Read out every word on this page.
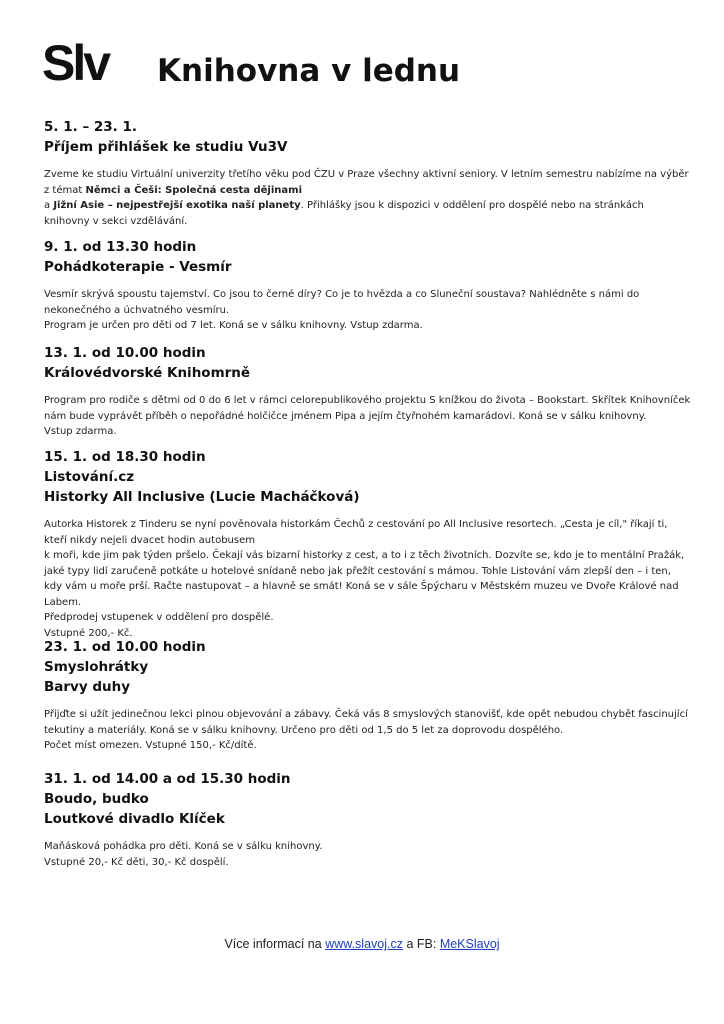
Slv Knihovna v lednu
5. 1. – 23. 1.
Příjem přihlášek ke studiu Vu3V
Zveme ke studiu Virtuální univerzity třetího věku pod ČZU v Praze všechny aktivní seniory. V letním semestru nabízíme na výběr z témat Němci a Češi: Společná cesta dějinami
a Jižní Asie – nejpestřejší exotika naší planety. Přihlášky jsou k dispozici v oddělení pro dospělé nebo na stránkách knihovny v sekci vzdělávání.
9. 1. od 13.30 hodin
Pohádkoterapie - Vesmír
Vesmír skrývá spoustu tajemství. Co jsou to černé díry? Co je to hvězda a co Sluneční soustava? Nahlédněte s námi do nekonečného a úchvatného vesmíru.
Program je určen pro děti od 7 let. Koná se v sálku knihovny. Vstup zdarma.
13. 1. od 10.00 hodin
Královédvorské Knihomrně
Program pro rodiče s dětmi od 0 do 6 let v rámci celorepublikového projektu S knížkou do života – Bookstart. Skřítek Knihovníček nám bude vyprávět příběh o nepořádné holčičce jménem Pipa a jejím čtyřnohém kamarádovi. Koná se v sálku knihovny.
Vstup zdarma.
15. 1. od 18.30 hodin
Listování.cz
Historky All Inclusive (Lucie Macháčková)
Autorka Historek z Tinderu se nyní pověnovala historkám Čechů z cestování po All Inclusive resortech. „Cesta je cíl," říkají ti, kteří nikdy nejeli dvacet hodin autobusem
k moři, kde jim pak týden pršelo. Čekají vás bizarní historky z cest, a to i z těch životních. Dozvíte se, kdo je to mentální Pražák, jaké typy lidí zaručeně potkáte u hotelové snídaně nebo jak přežít cestování s mámou. Tohle Listování vám zlepší den – i ten, kdy vám u moře prší. Račte nastupovat – a hlavně se smát! Koná se v sále Špýcharu v Městském muzeu ve Dvoře Králové nad Labem.
Předprodej vstupenek v oddělení pro dospělé.
Vstupné 200,- Kč.
23. 1. od 10.00 hodin
Smyslohrátky
Barvy duhy
Přijďte si užít jedinečnou lekci plnou objevování a zábavy. Čeká vás 8 smyslových stanovišť, kde opět nebudou chybět fascinující tekutiny a materiály. Koná se v sálku knihovny. Určeno pro děti od 1,5 do 5 let za doprovodu dospělého.
Počet míst omezen. Vstupné 150,- Kč/dítě.
31. 1. od 14.00 a od 15.30 hodin
Boudo, budko
Loutkové divadlo Klíček
Maňásková pohádka pro děti. Koná se v sálku knihovny.
Vstupné 20,- Kč děti, 30,- Kč dospělí.
Více informací na www.slavoj.cz a FB: MeKSlavoj
